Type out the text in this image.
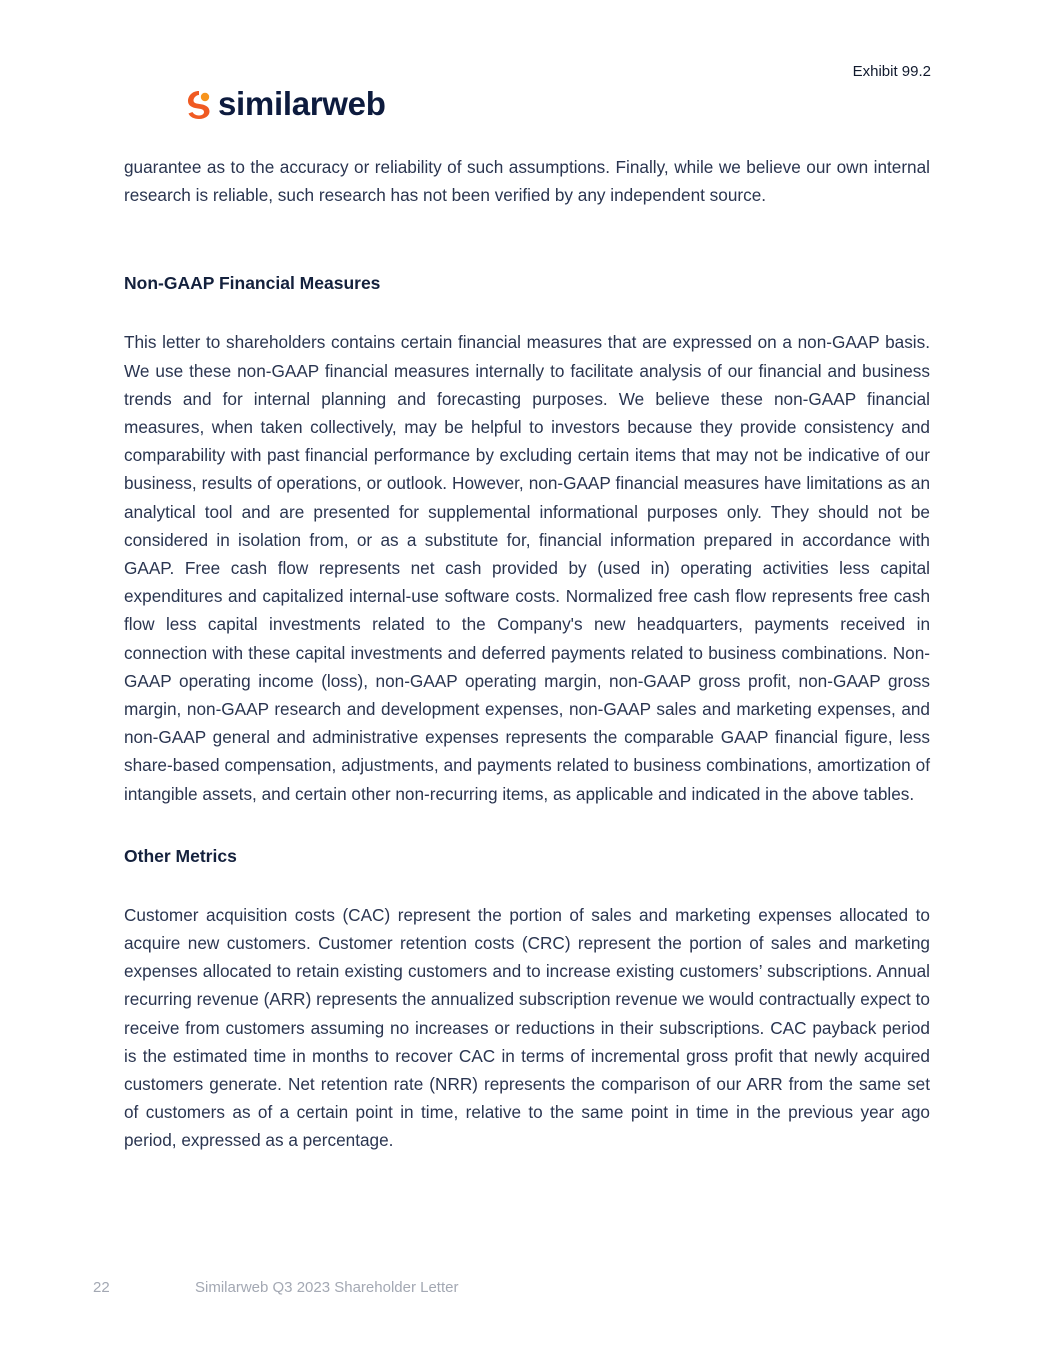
Exhibit 99.2
similarweb

guarantee as to the accuracy or reliability of such assumptions. Finally, while we believe our own internal research is reliable, such research has not been verified by any independent source.

Non-GAAP Financial Measures

This letter to shareholders contains certain financial measures that are expressed on a non-GAAP basis. We use these non-GAAP financial measures internally to facilitate analysis of our financial and business trends and for internal planning and forecasting purposes. We believe these non-GAAP financial measures, when taken collectively, may be helpful to investors because they provide consistency and comparability with past financial performance by excluding certain items that may not be indicative of our business, results of operations, or outlook. However, non-GAAP financial measures have limitations as an analytical tool and are presented for supplemental informational purposes only. They should not be considered in isolation from, or as a substitute for, financial information prepared in accordance with GAAP. Free cash flow represents net cash provided by (used in) operating activities less capital expenditures and capitalized internal-use software costs. Normalized free cash flow represents free cash flow less capital investments related to the Company's new headquarters, payments received in connection with these capital investments and deferred payments related to business combinations. Non-GAAP operating income (loss), non-GAAP operating margin, non-GAAP gross profit, non-GAAP gross margin, non-GAAP research and development expenses, non-GAAP sales and marketing expenses, and non-GAAP general and administrative expenses represents the comparable GAAP financial figure, less share-based compensation, adjustments, and payments related to business combinations, amortization of intangible assets, and certain other non-recurring items, as applicable and indicated in the above tables.

Other Metrics

Customer acquisition costs (CAC) represent the portion of sales and marketing expenses allocated to acquire new customers. Customer retention costs (CRC) represent the portion of sales and marketing expenses allocated to retain existing customers and to increase existing customers’ subscriptions. Annual recurring revenue (ARR) represents the annualized subscription revenue we would contractually expect to receive from customers assuming no increases or reductions in their subscriptions. CAC payback period is the estimated time in months to recover CAC in terms of incremental gross profit that newly acquired customers generate. Net retention rate (NRR) represents the comparison of our ARR from the same set of customers as of a certain point in time, relative to the same point in time in the previous year ago period, expressed as a percentage.

22	Similarweb Q3 2023 Shareholder Letter
